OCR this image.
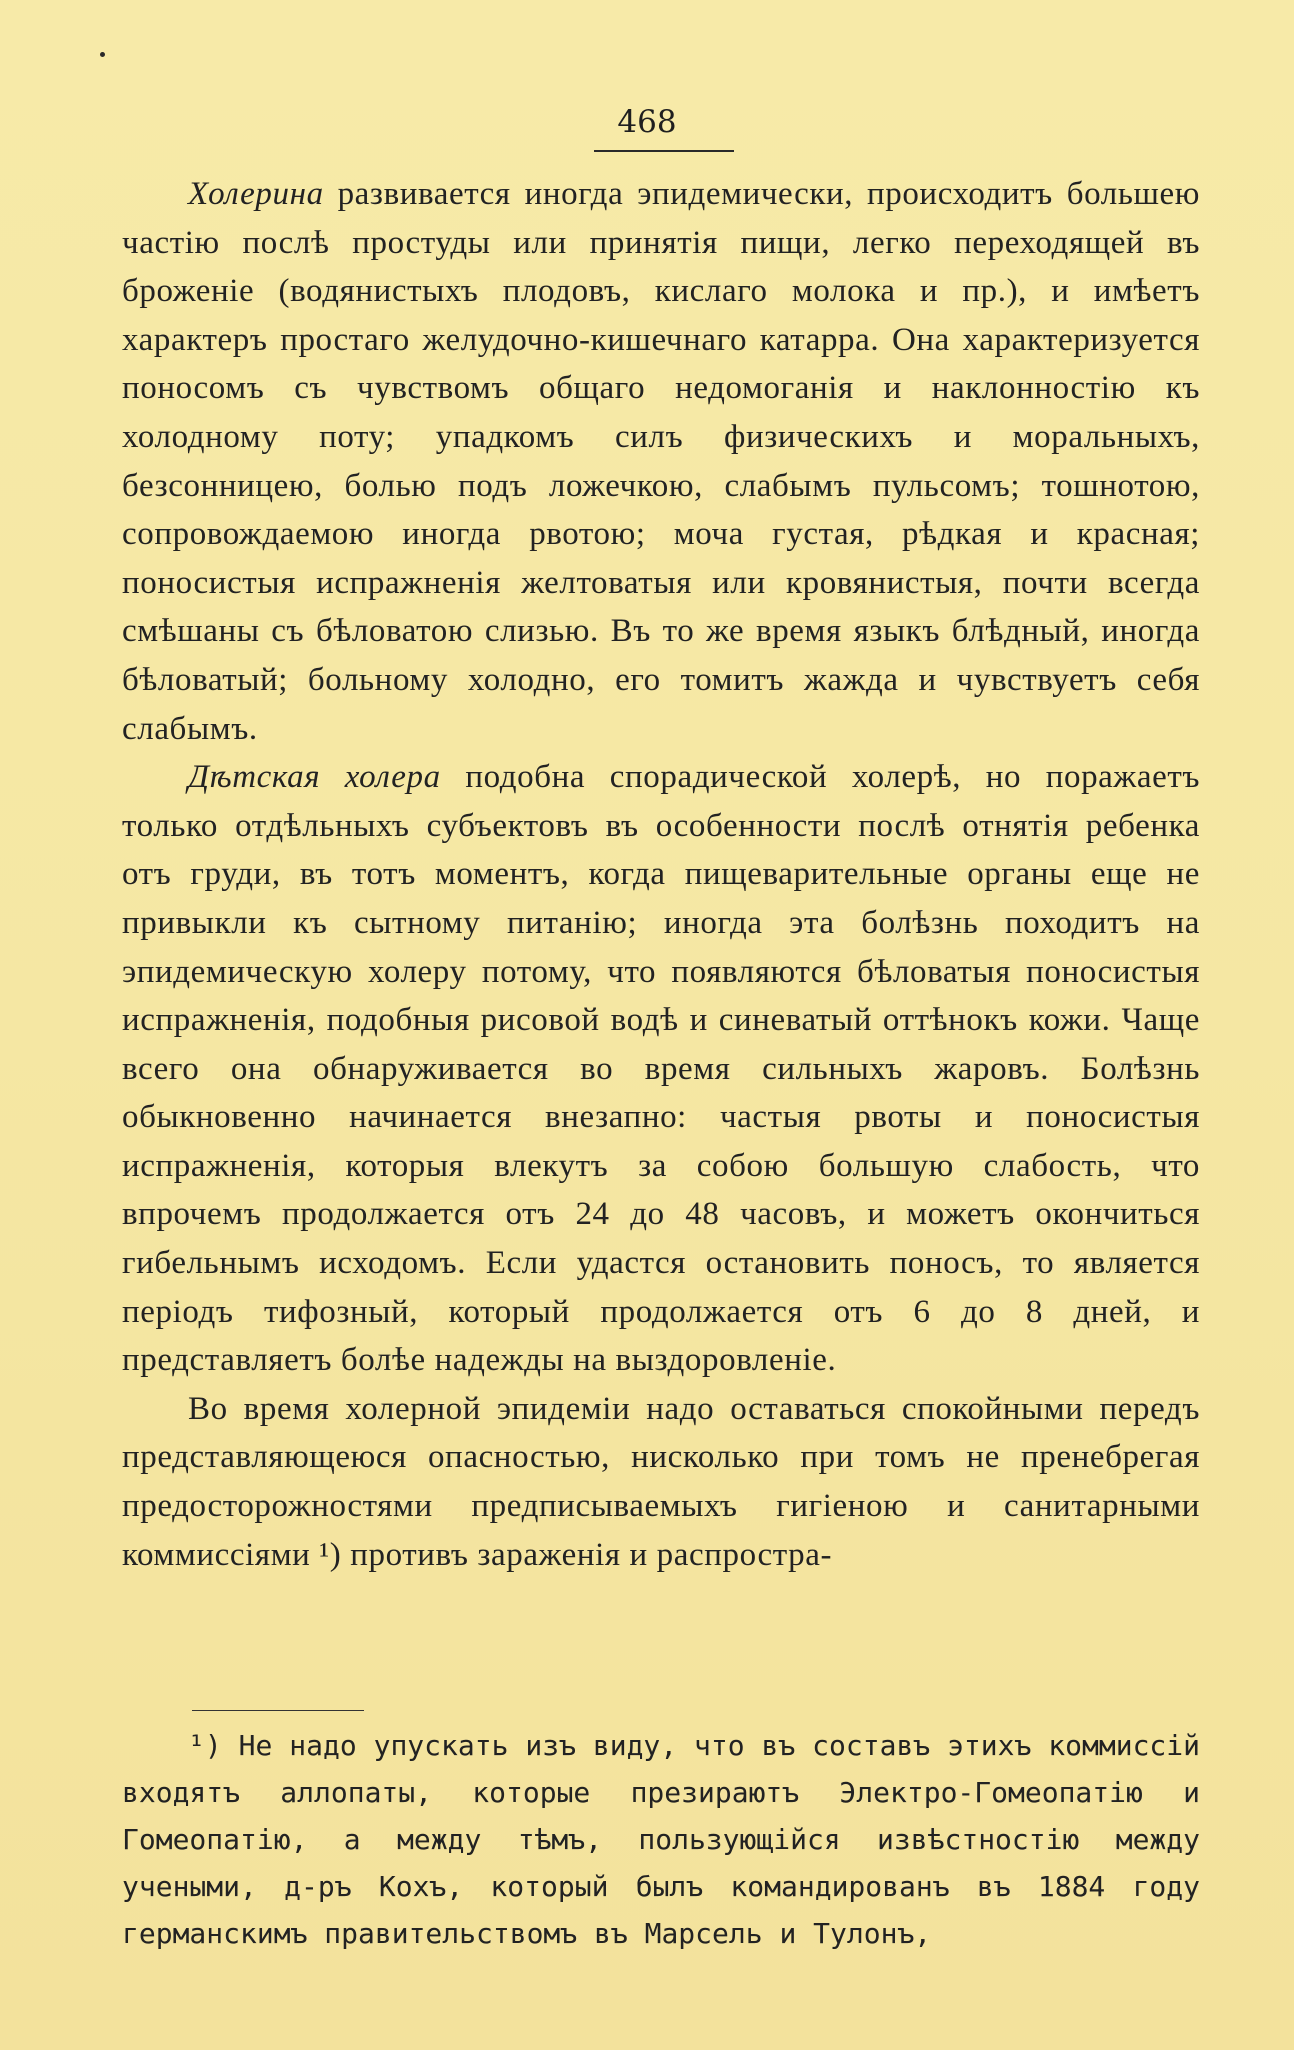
468

Холерина развивается иногда эпидемически, происходитъ большею частію послѣ простуды или принятія пищи, легко переходящей въ броженіе (водянистыхъ плодовъ, кислаго молока и пр.), и имѣетъ характеръ простаго желудочно-кишечнаго катарра. Она характеризуется поносомъ съ чувствомъ общаго недомоганія и наклонностію къ холодному поту; упадкомъ силъ физическихъ и моральныхъ, безсонницею, болью подъ ложечкою, слабымъ пульсомъ; тошнотою, сопровождаемою иногда рвотою; моча густая, рѣдкая и красная; поносистыя испражненія желтоватыя или кровянистыя, почти всегда смѣшаны съ бѣловатою слизью. Въ то же время языкъ блѣдный, иногда бѣловатый; больному холодно, его томитъ жажда и чувствуетъ себя слабымъ.

Дѣтская холера подобна спорадической холерѣ, но поражаетъ только отдѣльныхъ субъектовъ въ особенности послѣ отнятія ребенка отъ груди, въ тотъ моментъ, когда пищеварительные органы еще не привыкли къ сытному питанію; иногда эта болѣзнь походитъ на эпидемическую холеру потому, что появляются бѣловатыя поносистыя испражненія, подобныя рисовой водѣ и синеватый оттѣнокъ кожи. Чаще всего она обнаруживается во время сильныхъ жаровъ. Болѣзнь обыкновенно начинается внезапно: частыя рвоты и поносистыя испражненія, которыя влекутъ за собою большую слабость, что впрочемъ продолжается отъ 24 до 48 часовъ, и можетъ окончиться гибельнымъ исходомъ. Если удастся остановить поносъ, то является періодъ тифозный, который продолжается отъ 6 до 8 дней, и представляетъ болѣе надежды на выздоровленіе.

Во время холерной эпидеміи надо оставаться спокойными передъ представляющеюся опасностью, нисколько при томъ не пренебрегая предосторожностями предписываемыхъ гигіеною и санитарными коммиссіями ¹) противъ зараженія и распростра-

¹) Не надо упускать изъ виду, что въ составъ этихъ коммиссій входятъ аллопаты, которые презираютъ Электро-Гомеопатію и Гомеопатію, а между тѣмъ, пользующійся извѣстностію между учеными, д-ръ Кохъ, который былъ командированъ въ 1884 году германскимъ правительствомъ въ Марсель и Тулонъ,
